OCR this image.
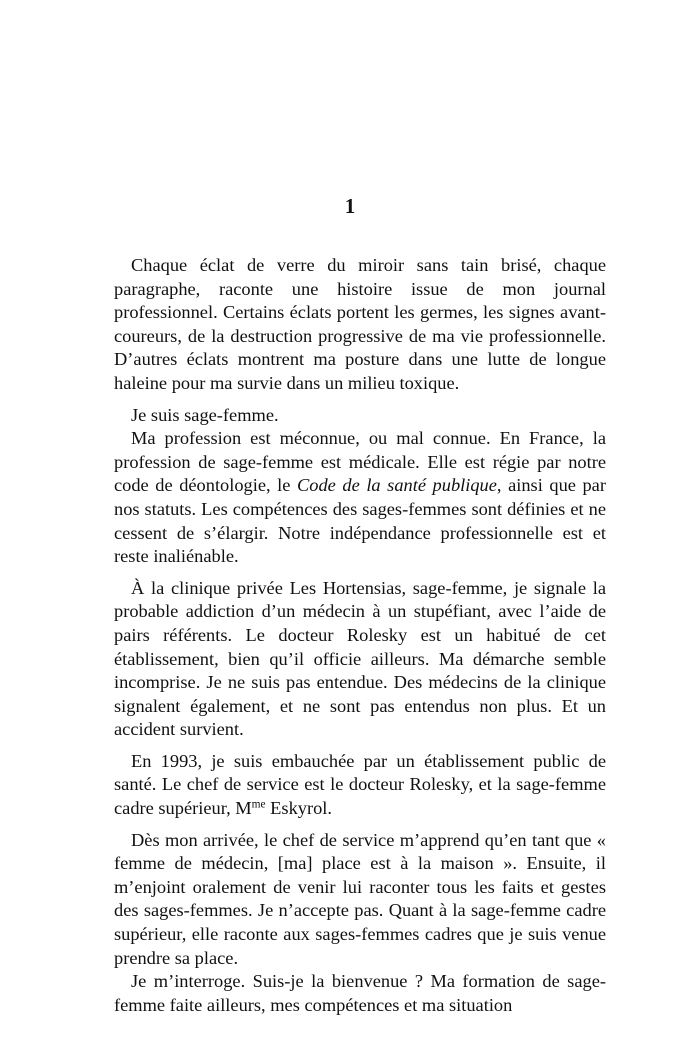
1

Chaque éclat de verre du miroir sans tain brisé, chaque paragraphe, raconte une histoire issue de mon journal professionnel. Certains éclats portent les germes, les signes avant-coureurs, de la destruction progressive de ma vie professionnelle. D’autres éclats montrent ma posture dans une lutte de longue haleine pour ma survie dans un milieu toxique.

Je suis sage-femme.

Ma profession est méconnue, ou mal connue. En France, la profession de sage-femme est médicale. Elle est régie par notre code de déontologie, le Code de la santé publique, ainsi que par nos statuts. Les compétences des sages-femmes sont définies et ne cessent de s’élargir. Notre indépendance professionnelle est et reste inaliénable.

À la clinique privée Les Hortensias, sage-femme, je signale la probable addiction d’un médecin à un stupéfiant, avec l’aide de pairs référents. Le docteur Rolesky est un habitué de cet établissement, bien qu’il officie ailleurs. Ma démarche semble incomprise. Je ne suis pas entendue. Des médecins de la clinique signalent également, et ne sont pas entendus non plus. Et un accident survient.

En 1993, je suis embauchée par un établissement public de santé. Le chef de service est le docteur Rolesky, et la sage-femme cadre supérieur, $M^{me}$ Eskyrol.

Dès mon arrivée, le chef de service m’apprend qu’en tant que « femme de médecin, [ma] place est à la maison ». Ensuite, il m’enjoint oralement de venir lui raconter tous les faits et gestes des sages-femmes. Je n’accepte pas. Quant à la sage-femme cadre supérieur, elle raconte aux sages-femmes cadres que je suis venue prendre sa place.

Je m’interroge. Suis-je la bienvenue ? Ma formation de sage-femme faite ailleurs, mes compétences et ma situation
